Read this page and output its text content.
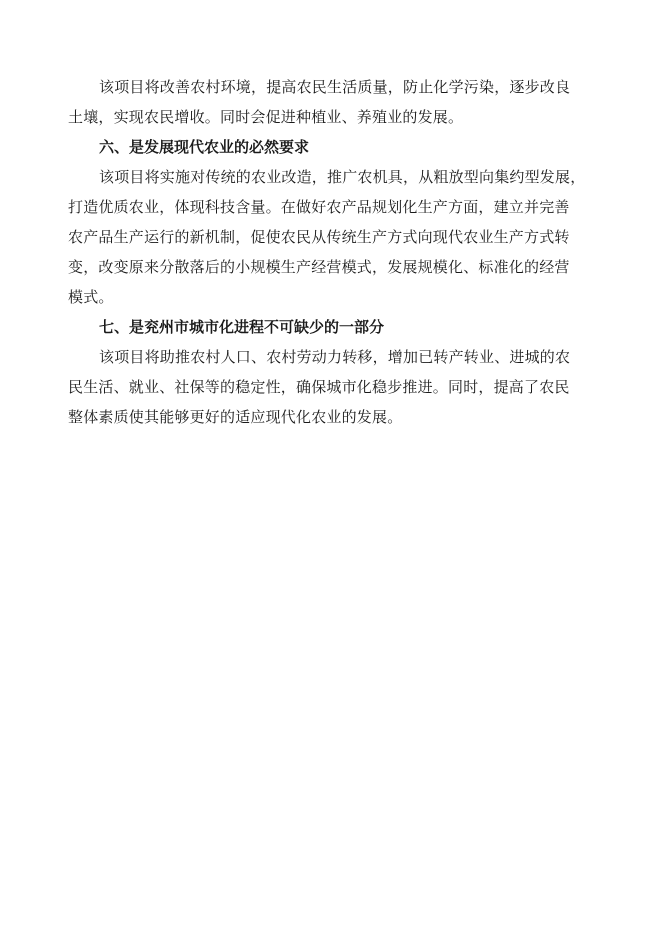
该项目将改善农村环境，提高农民生活质量，防止化学污染，逐步改良
土壤，实现农民增收。同时会促进种植业、养殖业的发展。

六、是发展现代农业的必然要求

该项目将实施对传统的农业改造，推广农机具，从粗放型向集约型发展，
打造优质农业，体现科技含量。在做好农产品规划化生产方面，建立并完善
农产品生产运行的新机制，促使农民从传统生产方式向现代农业生产方式转
变，改变原来分散落后的小规模生产经营模式，发展规模化、标准化的经营
模式。

七、是兖州市城市化进程不可缺少的一部分

该项目将助推农村人口、农村劳动力转移，增加已转产转业、进城的农
民生活、就业、社保等的稳定性，确保城市化稳步推进。同时，提高了农民
整体素质使其能够更好的适应现代化农业的发展。
